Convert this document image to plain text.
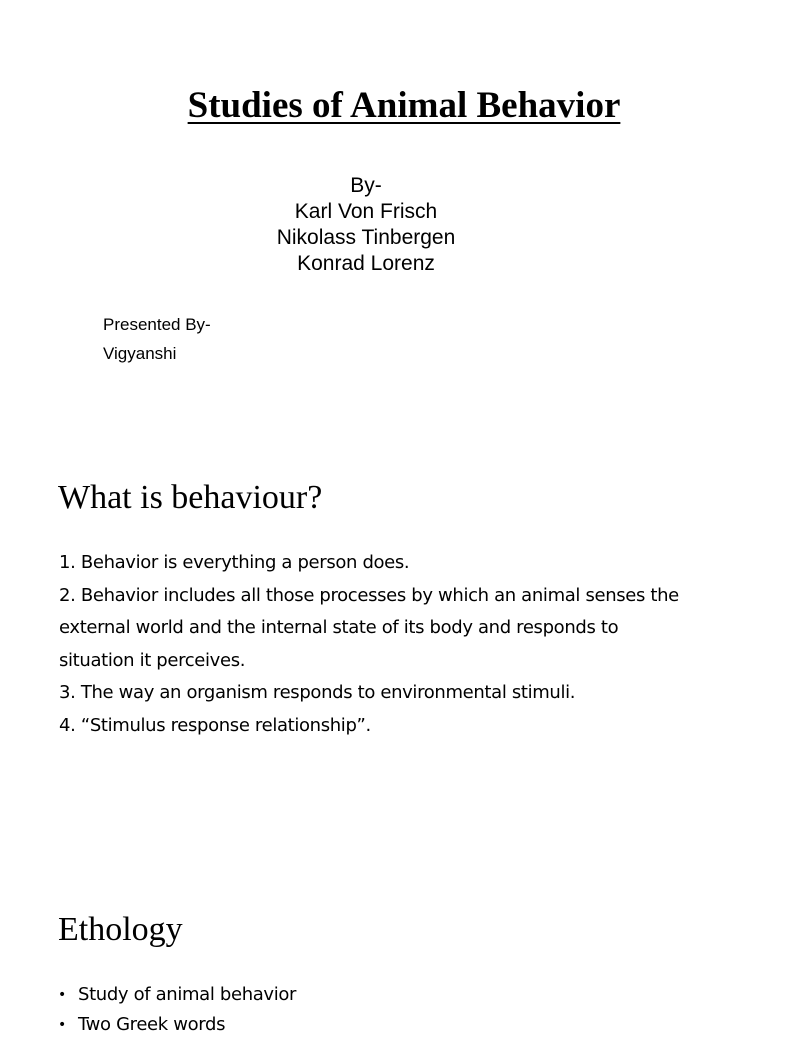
Studies of Animal Behavior
By-
Karl Von Frisch
Nikolass Tinbergen
Konrad Lorenz
Presented By-
Vigyanshi
What is behaviour?
1. Behavior is everything a person does.
2. Behavior includes all those processes by which an animal senses the
external world and the internal state of its body and responds to
situation it perceives.
3. The way an organism responds to environmental stimuli.
4. “Stimulus response relationship”.
Ethology
• Study of animal behavior
• Two Greek words
